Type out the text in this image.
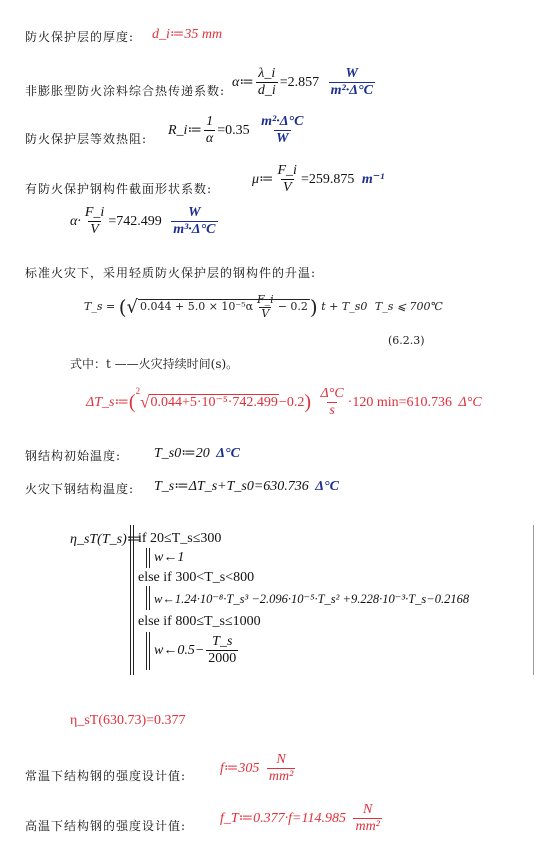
防火保护层的厚度: d_i≔35 mm
非膨胀型防火涂料综合热传递系数:
α≔ $\frac{\lambda\_i}{d\_i} =2.857 \frac{W}{\text{m²·Δ°C}}$
防火保护层等效热阻:
R_i≔ $\frac{1}{\alpha} =0.35 \frac{\text{m²·Δ°C}}{W}$
有防火保护钢构件截面形状系数:
μ≔ $\frac{F\_i}{V} =259.875$ m⁻¹
$\alpha\cdot \frac{F\_i}{V} =742.499 \frac{W}{\text{m³·Δ°C}}$
标准火灾下，采用轻质防火保护层的钢构件的升温:
T_s = (√ $0.044 + 5.0 \times 10^{-5}\alpha \frac{F\_i}{V} - 0.2$ ) t + T_s0 T_s ⩽ 700℃
(6.2.3)
式中：t ——火灾持续时间(s)。
ΔT_s≔($^2$√0.044+5·10⁻⁵·742.499−0.2) $\frac{\Delta^\circ C}{s} \cdot 120$ min=610.736 Δ°C
钢结构初始温度: T_s0≔20 Δ°C
火灾下钢结构温度: T_s≔ΔT_s+T_s0=630.736 Δ°C
η_sT(T_s)≔
if 20≤T_s≤300
w←1
else if 300<T_s<800
w←1.24·10⁻⁸·T_s³ −2.096·10⁻⁵·T_s² +9.228·10⁻³·T_s−0.2168
else if 800≤T_s≤1000
w←0.5− $\frac{T\_s}{2000}$
η_sT(630.73)=0.377
常温下结构钢的强度设计值:
f≔305 $\frac{N}{\text{mm²}}$
高温下结构钢的强度设计值:
f_T≔0.377·f=114.985 $\frac{N}{\text{mm²}}$
